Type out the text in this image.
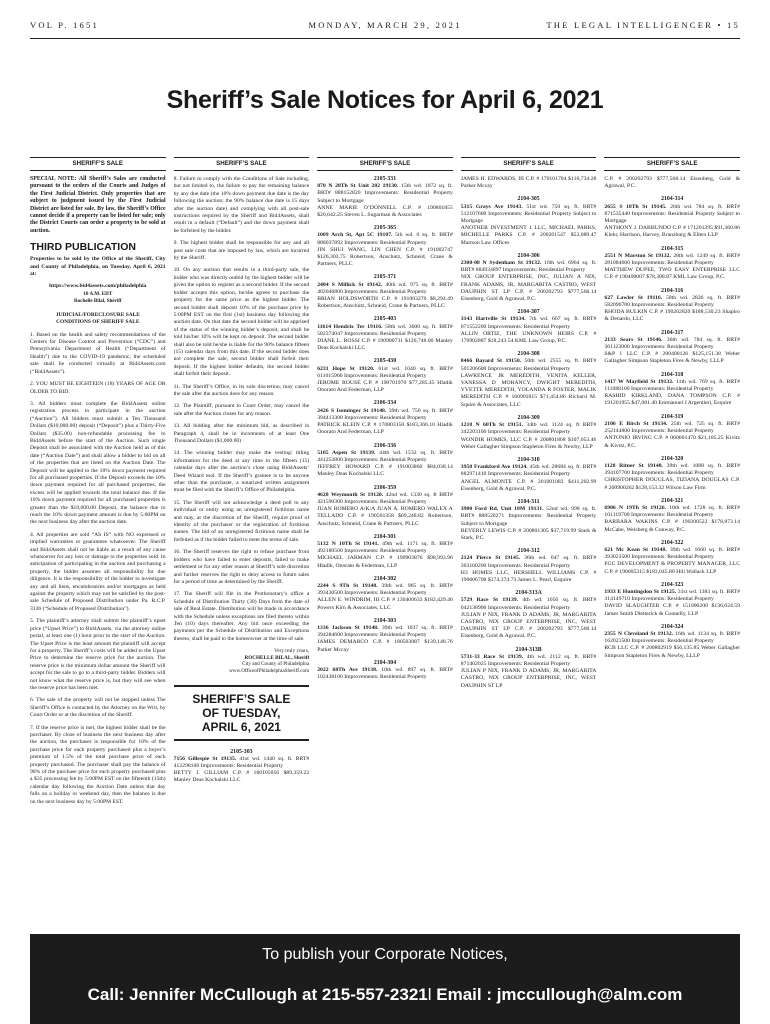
VOL P. 1651	MONDAY, MARCH 29, 2021	THE LEGAL INTELLIGENCER • 15
Sheriff’s Sale Notices for April 6, 2021
SHERIFF’S SALE

SPECIAL NOTE: All Sheriff’s Sales are conducted pursuant to the orders of the Courts and Judges of the First Judicial District. Only properties that are subject to judgment issued by the First Judicial District are listed for sale. By law, the Sheriff’s Office cannot decide if a property can be listed for sale; only the District Courts can order a property to be sold at auction.

THIRD PUBLICATION

Properties to be sold by the Office of the Sheriff, City and County of Philadelphia, on Tuesday, April 6, 2021 at:

https://www.bid4assets.com/philadelphia
10 A.M. EDT
Rochelle Bilal, Sheriff
JUDICIAL/FORECLOSURE SALE
CONDITIONS OF SHERIFF SALE

1. Based on the health and safety recommendations of the Centers for Disease Control and Prevention (“CDC”) and Pennsylvania Department of Health (“Department of Health”) due to the COVID-19 pandemic, the scheduled sale shall be conducted virtually at Bid4Assets.com (“Bid4Assets”).

2. YOU MUST BE EIGHTEEN (18) YEARS OF AGE OR OLDER TO BID.

3. All bidders must complete the Bid4Assets online registration process to participate in the auction (“Auction”). All bidders must submit a Ten Thousand Dollars ($10,000.00) deposit (“Deposit”) plus a Thirty-Five Dollars ($35.00) non-refundable processing fee to Bid4Assets before the start of the Auction. Such single Deposit shall be associated with the Auction held as of this date (“Auction Date”) and shall allow a bidder to bid on all of the properties that are listed on the Auction Date. The Deposit will be applied to the 10% down payment required for all purchased properties. If the Deposit exceeds the 10% down payment required for all purchased properties, the excess will be applied towards the total balance due. If the 10% down payment required for all purchased properties is greater than the $10,000.00 Deposit, the balance due to reach the 10% down payment amount is due by 5:00PM on the next business day after the auction date.

4. All properties are sold “AS IS” with NO expressed or implied warranties or guarantees whatsoever. The Sheriff and Bid4Assets shall not be liable as a result of any cause whatsoever for any loss or damage to the properties sold. In anticipation of participating in the auction and purchasing a property, the bidder assumes all responsibility for due diligence. It is the responsibility of the bidder to investigate any and all liens, encumbrances and/or mortgages as held against the property which may not be satisfied by the post-sale Schedule of Proposed Distribution under Pa. R.C.P. 3136 (“Schedule of Proposed Distribution”).

5. The plaintiff’s attorney shall submit the plaintiff’s upset price (“Upset Price”) to Bid4Assets, via the attorney online portal, at least one (1) hour prior to the start of the Auction. The Upset Price is the least amount the plaintiff will accept for a property. The Sheriff’s costs will be added to the Upset Price to determine the reserve price for the auction. The reserve price is the minimum dollar amount the Sheriff will accept for the sale to go to a third-party bidder. Bidders will not know what the reserve price is, but they will see when the reserve price has been met.

6. The sale of the property will not be stopped unless The Sheriff’s Office is contacted by the Attorney on the Writ, by Court Order or at the discretion of the Sheriff.

7. If the reserve price is met, the highest bidder shall be the purchaser. By close of business the next business day after the auction, the purchaser is responsible for 10% of the purchase price for each property purchased plus a buyer’s premium of 1.5% of the total purchase price of each property purchased. The purchaser shall pay the balance of 90% of the purchase price for each property purchased plus a $35 processing fee by 5:00PM EST on the fifteenth (15th) calendar day following the Auction Date unless that day falls on a holiday or weekend day, then the balance is due on the next business day by 5:00PM EST.

SHERIFF’S SALE

8. Failure to comply with the Conditions of Sale including, but not limited to, the failure to pay the remaining balance by any due date (the 10% down payment due date is the day following the auction; the 90% balance due date is 15 days after the auction date) and complying with all post-sale instructions required by the Sheriff and Bid4Assets, shall result in a default (“Default”) and the down payment shall be forfeited by the bidder.

9. The highest bidder shall be responsible for any and all post sale costs that are imposed by law, which are incurred by the Sheriff.

10. On any auction that results in a third-party sale, the bidder who was directly outbid by the highest bidder will be given the option to register as a second bidder. If the second bidder accepts this option, he/she agrees to purchase the property for the same price as the highest bidder. The second bidder shall deposit 10% of the purchase price by 5:00PM EST on the first (1st) business day following the auction date. On that date the second bidder will be apprised of the status of the winning bidder’s deposit, and shall be told his/her 10% will be kept on deposit. The second bidder shall also be told he/she is liable for the 90% balance fifteen (15) calendar days from this date. If the second bidder does not complete the sale, second bidder shall forfeit their deposit. If the highest bidder defaults, the second bidder shall forfeit their deposit.

11. The Sheriff’s Office, in its sole discretion, may cancel the sale after the auction does for any reason.

12. The Plaintiff, pursuant to Court Order, may cancel the sale after the Auction closes for any reason.

13. All bidding after the minimum bid, as described in Paragraph 4, shall be in increments of at least One Thousand Dollars ($1,000.00)

14. The winning bidder may make the vesting/ titling information for the deed at any time in the fifteen (15) calendar days after the auction’s close using Bid4Assets’ Deed Wizard tool. If the Sheriff’s grantee is to be anyone other than the purchaser, a notarized written assignment must be filed with the Sheriff’s Office of Philadelphia.

15. The Sheriff will not acknowledge a deed poll to any individual or entity using an unregistered fictitious name and may, at the discretion of the Sheriff, require proof of identity of the purchaser or the registration of fictitious names. The bid of an unregistered fictitious name shall be forfeited as if the bidder failed to meet the terms of sale.

16. The Sheriff reserves the right to refuse purchase from bidders who have failed to enter deposits, failed to make settlement or for any other reason at Sheriff’s sole discretion and further reserves the right to deny access to future sales for a period of time as determined by the Sheriff.

17. The Sheriff will file in the Prothonotary’s office a Schedule of Distribution Thirty (30) Days from the date of sale of Real Estate. Distribution will be made in accordance with the Schedule unless exceptions are filed thereto within Ten (10) days thereafter. Any bid once exceeding the payments per the Schedule of Distribution and Exceptions thereto, shall be paid to the homeowner at the time of sale.

Very truly yours,
ROCHELLE BILAL, Sheriff
City and County of Philadelphia
www.OfficeofPhiladelphiaSheriff.com
SHERIFF’S SALE
OF TUESDAY,
APRIL 6, 2021
2105-303
7156 Gillespie St 19135. 41st wd. 1440 sq. ft. BRT# 412298100 Improvements: Residential Property
BETTY J. GILLIAM C.P. # 180105056 $89,359.22 Manley Deas Kochalski LLC
SHERIFF’S SALE
2105-331
870 N 28Th St Unit 202 19130. 15th wd. 1072 sq. ft. BRT# 888152820 Improvements: Residential Property Subject to Mortgage
ANNE MARIE O’DONNELL C.P. # 190801855 $20,642.25 Steven L. Sugarman & Associates
2105-365
1009 Arch St, Apt 5C 19107. 5th wd. 0 sq. ft. BRT# 888037892 Improvements: Residential Property
JIN SHUI WANG, LIN CHEN C.P. # 191002747 $126,303.75 Robertson, Anschutz, Schneid, Crane & Partners, PLLC
2105-371
2404 S Millick St 19142. 40th wd. 975 sq. ft. BRT# 402046800 Improvements: Residential Property
BRIAN HOLDSWORTH C.P. # 191003270 $8,294.49 Robertson, Anschutz, Schneid, Crane & Partners, PLLC
2105-403
11614 Hendrix Ter 19116. 58th wd. 3600 sq. ft. BRT# 582374047 Improvements: Residential Property
DIANE L. ROSSI C.P. # 190900731 $120,748.00 Manley Deas Kochalski LLC
2105-430
6231 Hope St 19120. 61st wd. 1040 sq. ft. BRT# 611015900 Improvements: Residential Property
JEROME ROUSE C.P. # 190701970 $77,285.45 Hladik Onorato And Federman, LLP
2106-334
2426 S Iseminger St 19148. 39th wd. 750 sq. ft. BRT# 394413300 Improvements: Residential Property
PATRICK KLEIN C.P. # 170803150 $183,366.10 Hladik Onorato And Federman, LLP
2106-336
5105 Aspen St 19139. 44th wd. 1532 sq. ft. BRT# 441253800 Improvements: Residential Property
JEFFREY HOWARD C.P. # 191003860 $84,038.14 Manley Deas Kochalski LLC
2106-359
4628 Weymouth St 19120. 42nd wd. 1330 sq. ft BRT# 421590300 Improvements: Residential Property
JUAN ROMERO A/K/A JUAN A. ROMERO WALEX A TELLADO C.P. # 190501358 $69,248.82 Robertson, Anschutz, Schneid, Crane & Partners, PLLC
2104-301
5132 N 10Th St 19141. 49th wd. 1171 sq. ft. BRT# 492180500 Improvements: Residential Property
MICHAEL JARMAN C.P. # 190903876 $98,993.96 Hladik, Onorato & Federman, LLP
2104-302
2244 S 9Th St 19148. 39th wd. 965 sq. ft. BRT# 393430500 Improvements: Residential Property
ALLEN E. WINDRIM, III C.P. # 130400633 $182,429.46 Powers Kirn & Associates, LLC
2104-303
1336 Jackson St 19148. 39th wd. 1037 sq. ft. BRT# 394284600 Improvements: Residential Property
JAMES DEMARCO C.P. # 180503087 $139,148.76 Parker Mccay
2104-304
2022 68Th Ave 19138. 10th wd. 897 sq. ft. BRT# 102438100 Improvements: Residential Property
SHERIFF’S SALE
JAMES H. EDWARDS, III C.P. # 170101704 $110,734.28 Parker Mccay
2104-305
5315 Grays Ave 19143. 51st wd. 750 sq. ft. BRT# 512107600 Improvements: Residential Property Subject to Mortgage
ANOTHER INVESTMENT 1 LLC, MICHAEL PARKS, MICHELLE PARKS C.P. # 200201547 $53,089.47 Martson Law Offices
2104-306
2300-08 N Sydenham St 19132. 16th wd. 6964 sq. ft. BRT# 884934897 Improvements: Residential Property
NIX GROUP ENTERPRISE, INC, JULIAN A NIX, FRANK ADAMS, JR, MARGARITA CASTRO, WEST DAUPHIN ST LP C.P. # 200202793 $777,568.14 Eisenberg, Gold & Agrawal, P.C.
2104-307
3143 Hartville St 19134. 7th wd. 667 sq. ft. BRT# 071552200 Improvements: Residential Property
ALLIN ORTIZ, THE UNKNOWN HEIRS C.P. # 170902887 $18,243.54 KML Law Group, P.C.
2104-308
8466 Bayard St 19150. 50th wd. 2555 sq. ft. BRT# 501206600 Improvements: Residential Property
LAWRENCE JR MEREDITH, VENITA KELLER, VANESSA D MORANCY, DWIGHT MEREDITH, YVETTE MEREDITH, YOLANDA R FOSTER, MALIK MEREDITH C.P. # 160901815 $71,454.86 Richard M. Squire & Associates, LLC
2104-309
1218 N 60Th St 19151. 34th wd. 1124 sq. ft BRT# 342203100 Improvements: Residential Property
WONDIR HOMES, LLC C.P. # 200801868 $107,053.46 Weber Gallagher Simpson Stapleton Fires & Newby, LLP
2104-310
3950 Frankford Ave 19124. 45th wd. 28684 sq. ft. BRT# 882971410 Improvements: Residential Property
ANGEL ALMONTE C.P. # 201001083 $411,202.99 Eisenberg, Gold & Agrawal, P.C.
2104-311
3900 Ford Rd, Unit 18M 19131. 52nd wd. 998 sq. ft. BRT# 888520271 Improvements: Residential Property Subject to Mortgage
BEVERLY LEWIS C.P. # 200801305 $37,719.99 Stark & Stark, P.C.
2104-312
2124 Pierce St 19145. 36th wd. 647 sq. ft. BRT# 363160200 Improvements: Residential Property
H3 HOMES LLC, HERSHELL WILLIAMS C.P. # 190606708 $174,374.73 James L. Pearl, Esquire
2104-313A
5729 Race St 19139. 4th wd. 1056 sq. ft. BRT# 042138900 Improvements: Residential Property
JULIAN P NIX, FRANK D ADAMS, JR, MARGARITA CASTRO, NIX GROUP ENTERPRISE, INC, WEST DAUPHIN ST LP C.P. # 200202793 $777,568.14 Eisenberg, Gold & Agrawal, P.C.
2104-313B
5731-33 Race St 19139. 4th wd. 2112 sq. ft. BRT# 871402025 Improvements: Residential Property
JULIAN P NIX, FRANK D ADAMS, JR, MARGARITA CASTRO, NIX GROUP ENTERPRISE, INC, WEST DAUPHIN ST LP
SHERIFF’S SALE
C.P. # 200202793 $777,568.14 Eisenberg, Gold & Agrawal, P.C.
2104-314
2655 S 18Th St 19145. 26th wd. 784 sq. ft. BRT# 871535440 Improvements: Residential Property Subject to Mortgage
ANTHONY J. DABBUNDO C.P. # 171201295 $91,360.86 Klehr, Harrison, Harvey, Branzburg & Ellers LLP
2104-315
2551 N Marston St 19132. 28th wd. 1249 sq. ft. BRT# 281084600 Improvements: Residential Property
MATTHEW DUPEE, TWO EASY ENTERPRISE LLC C.P. # 190400007 $78,308.87 KML Law Group, P.C.
2104-316
627 Lawler St 19116. 58th wd. 2826 sq. ft. BRT# 582096700 Improvements: Residential Property
RHODA BULKIN C.P. # 190202820 $188,530.23 Shapiro & Denardo, LLC
2104-317
2133 Sears St 19146. 36th wd. 784 sq. ft. BRT# 361123000 Improvements: Residential Property
S&P 1 LLC C.P. # 200400126 $125,151.38 Weber Gallagher Simpson Stapleton Fires & Newby, LLLP
2104-318
1417 W Mayfield St 19132. 11th wd. 769 sq. ft. BRT# 111088100 Improvements: Residential Property
RASHID KIRKLAND, DANA TOMPSON C.P. # 191201955 $47,081.40 Emmanuel J Argentieri, Esquire
2104-319
2106 E Birch St 19134. 25th wd. 725 sq. ft. BRT# 252144800 Improvements: Residential Property
ANTONIO IRVING C.P. # 060601470 $21,185.25 Kivitz & Kivitz, P.C.
2104-320
1128 Ritner St 19148. 39th wd. 1088 sq. ft. BRT# 394107700 Improvements: Residential Property
CHRISTOPHER DOUGLAS, TIZIANA DOUGLAS C.P. # 200900262 $128,153.32 Wilson Law Firm
2104-321
6906 N 19Th St 19126. 10th wd. 1728 sq. ft. BRT# 101119700 Improvements: Residential Property
BARBARA WAKINS C.P. # 190200522 $178,873.14 McCabe, Weisberg & Conway, P.C.
2104-322
621 Mc Kean St 19148. 39th wd. 1660 sq. ft. BRT# 393023500 Improvements: Residential Property
FGC DEVELOPMENT & PROPERTY MANAGER, LLC C.P. # 190605315 $183,045.80 Hill Wallack LLP
2104-323
1933 E Huntingdon St 19125. 31st wd. 1383 sq. ft. BRT# 314149710 Improvements: Residential Property
DAVID SLAUGHTER C.P. # 151000200 $136,024.59 James Smith Dietterick & Connelly, LLP
2104-324
2355 N Cleveland St 19132. 16th wd. 1134 sq. ft. BRT# 162021500 Improvements: Residential Property
RCB LLC C.P. # 200802919 $56,135.85 Weber Gallagher Simpson Stapleton Fires & Newby, LLLP
To publish your Corporate Notices,
Call: Jennifer McCullough at 215-557-2321l Email : jmccullough@alm.com
